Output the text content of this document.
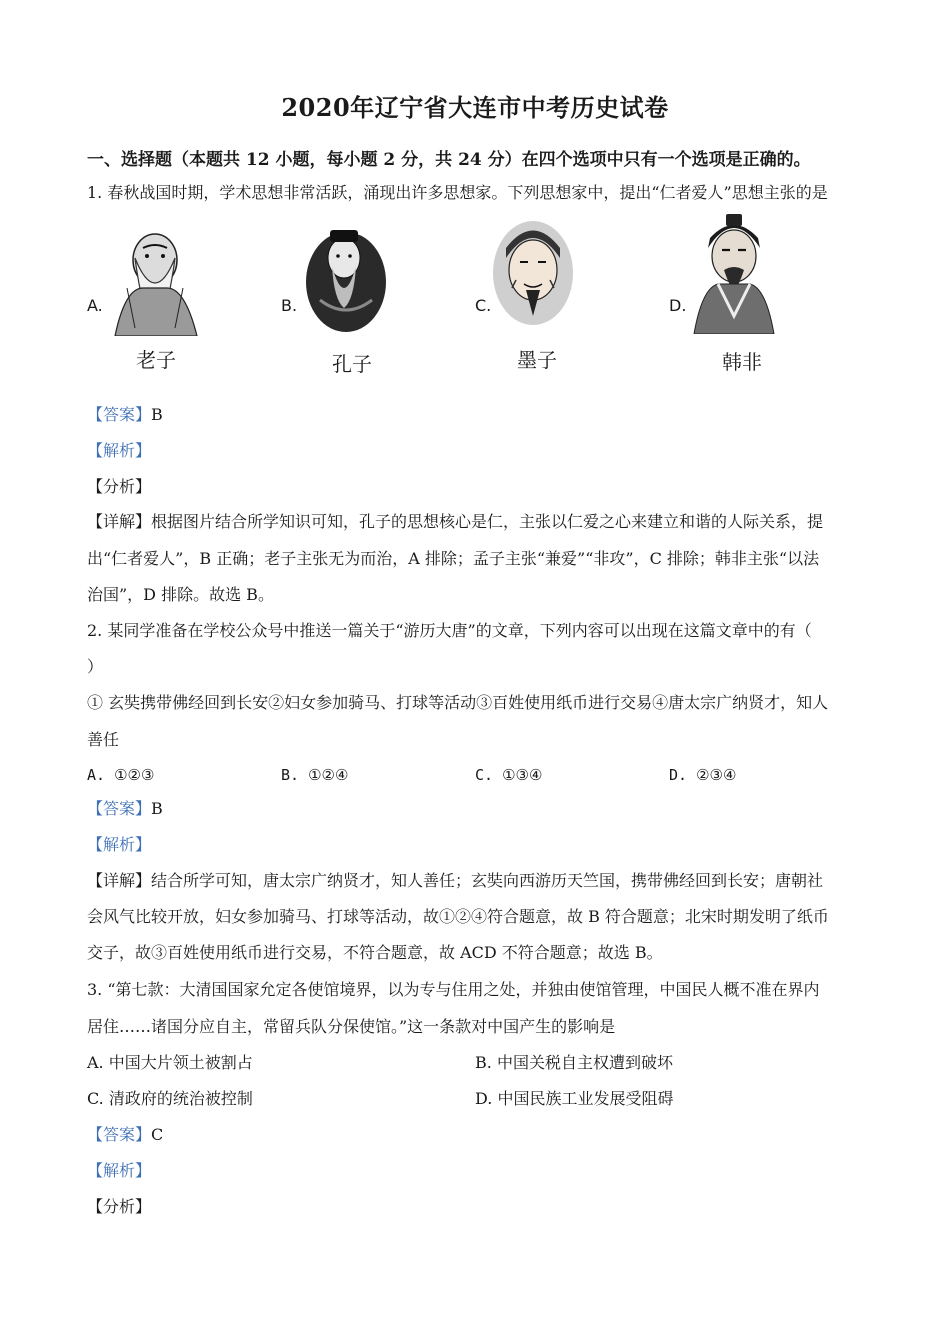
2020年辽宁省大连市中考历史试卷
一、选择题（本题共 12 小题，每小题 2 分，共 24 分）在四个选项中只有一个选项是正确的。
1. 春秋战国时期，学术思想非常活跃，涌现出许多思想家。下列思想家中，提出“仁者爱人”思想主张的是
A.	B.	C.	D.
老子	孔子	墨子	韩非
【答案】B
【解析】
【分析】
【详解】根据图片结合所学知识可知，孔子的思想核心是仁，主张以仁爱之心来建立和谐的人际关系，提
出“仁者爱人”，B 正确；老子主张无为而治，A 排除；孟子主张“兼爱”“非攻”，C 排除；韩非主张“以法
治国”，D 排除。故选 B。
2. 某同学准备在学校公众号中推送一篇关于“游历大唐”的文章，下列内容可以出现在这篇文章中的有（
）
① 玄奘携带佛经回到长安②妇女参加骑马、打球等活动③百姓使用纸币进行交易④唐太宗广纳贤才，知人
善任
A. ①②③	B. ①②④	C. ①③④	D. ②③④
【答案】B
【解析】
【详解】结合所学可知，唐太宗广纳贤才，知人善任；玄奘向西游历天竺国，携带佛经回到长安；唐朝社
会风气比较开放，妇女参加骑马、打球等活动，故①②④符合题意，故 B 符合题意；北宋时期发明了纸币
交子，故③百姓使用纸币进行交易，不符合题意，故 ACD 不符合题意；故选 B。
3. “第七款：大清国国家允定各使馆境界，以为专与住用之处，并独由使馆管理，中国民人概不准在界内
居住……诸国分应自主，常留兵队分保使馆。”这一条款对中国产生的影响是
A. 中国大片领土被割占	B. 中国关税自主权遭到破坏
C. 清政府的统治被控制	D. 中国民族工业发展受阻碍
【答案】C
【解析】
【分析】
